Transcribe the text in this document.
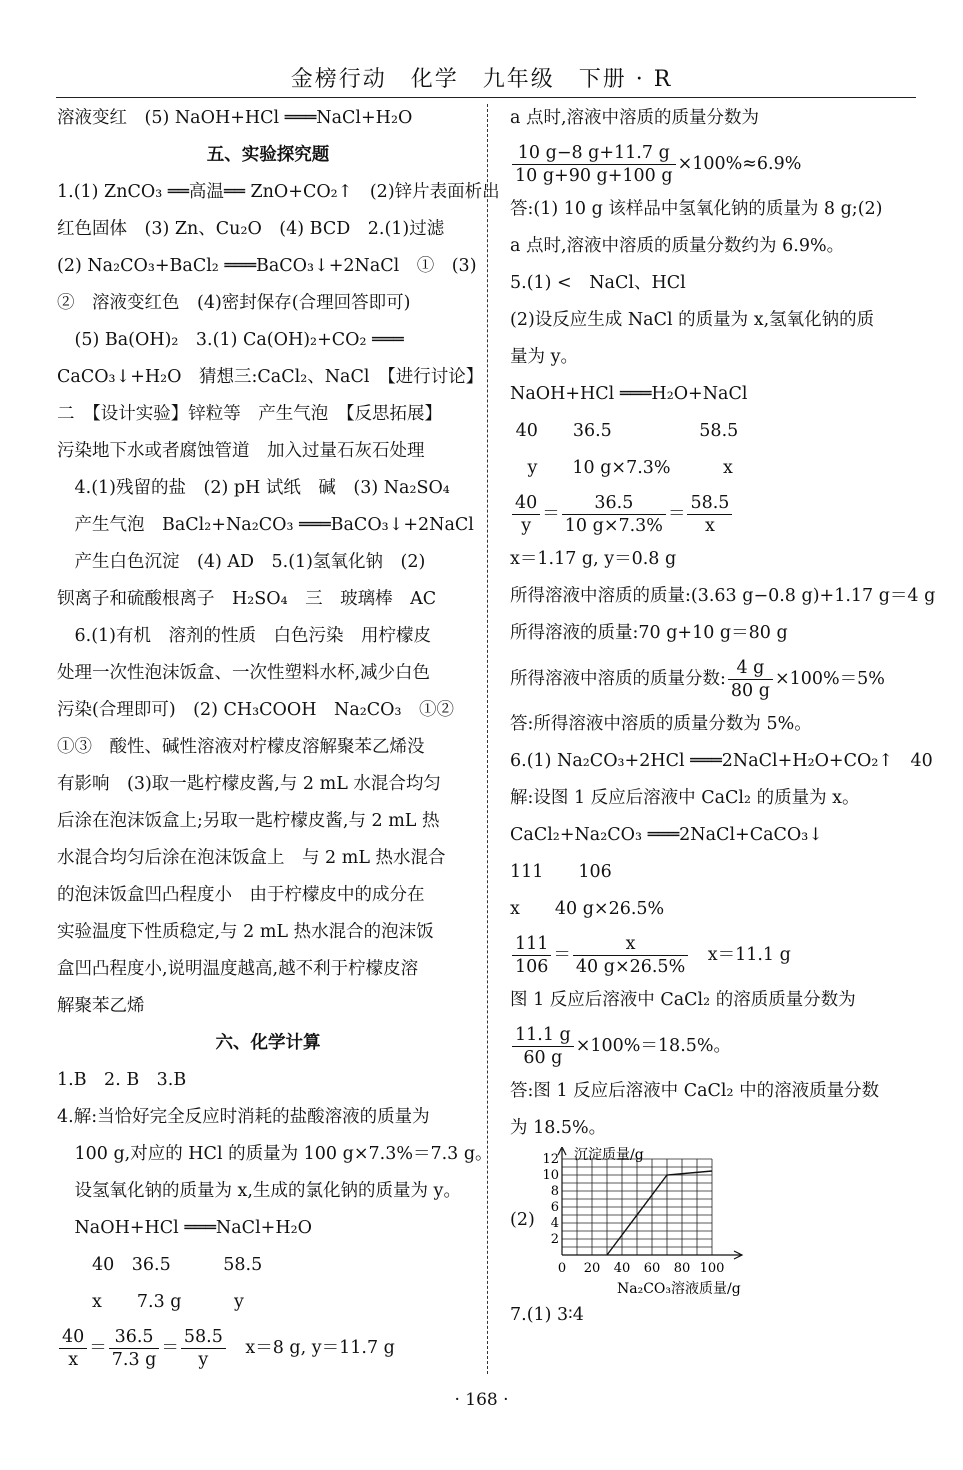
金榜行动　化学　九年级　下册 · R

溶液变红　(5) NaOH+HCl ═══NaCl+H₂O

五、实验探究题

1.(1) ZnCO₃ ══高温══ ZnO+CO₂↑　(2)锌片表面析出

红色固体　(3) Zn、Cu₂O　(4) BCD　2.(1)过滤

(2) Na₂CO₃+BaCl₂ ═══BaCO₃↓+2NaCl　①　(3)

②　溶液变红色　(4)密封保存(合理回答即可)

　(5) Ba(OH)₂　3.(1) Ca(OH)₂+CO₂ ═══

CaCO₃↓+H₂O　猜想三:CaCl₂、NaCl　【进行讨论】

二　【设计实验】锌粒等　产生气泡　【反思拓展】

污染地下水或者腐蚀管道　加入过量石灰石处理

　4.(1)残留的盐　(2) pH 试纸　碱　(3) Na₂SO₄

　产生气泡　BaCl₂+Na₂CO₃ ═══BaCO₃↓+2NaCl

　产生白色沉淀　(4) AD　5.(1)氢氧化钠　(2)

钡离子和硫酸根离子　H₂SO₄　三　玻璃棒　AC

　6.(1)有机　溶剂的性质　白色污染　用柠檬皮

处理一次性泡沫饭盒、一次性塑料水杯,减少白色

污染(合理即可)　(2) CH₃COOH　Na₂CO₃　①②

①③　酸性、碱性溶液对柠檬皮溶解聚苯乙烯没

有影响　(3)取一匙柠檬皮酱,与 2 mL 水混合均匀

后涂在泡沫饭盒上;另取一匙柠檬皮酱,与 2 mL 热

水混合均匀后涂在泡沫饭盒上　与 2 mL 热水混合

的泡沫饭盒凹凸程度小　由于柠檬皮中的成分在

实验温度下性质稳定,与 2 mL 热水混合的泡沫饭

盒凹凸程度小,说明温度越高,越不利于柠檬皮溶

解聚苯乙烯

六、化学计算

1.B　2. B　3.B

4.解:当恰好完全反应时消耗的盐酸溶液的质量为

　100 g,对应的 HCl 的质量为 100 g×7.3%＝7.3 g。

　设氢氧化钠的质量为 x,生成的氯化钠的质量为 y。

　NaOH+HCl ═══NaCl+H₂O

　　40　36.5　　　58.5

　　x　　7.3 g　　　y

$\frac{40}{x} = \frac{36.5}{7.3 g} = \frac{58.5}{y}$ 　x＝8 g, y＝11.7 g

a 点时,溶液中溶质的质量分数为

$\frac{10 g-8 g+11.7 g}{10 g+90 g+100 g} \times 100\%\approx 6.9\%$

答:(1) 10 g 该样品中氢氧化钠的质量为 8 g;(2)

a 点时,溶液中溶质的质量分数约为 6.9%。

5.(1) <　NaCl、HCl

(2)设反应生成 NaCl 的质量为 x,氢氧化钠的质

量为 y。

NaOH+HCl ═══H₂O+NaCl

40　　36.5　　　　　58.5

　y　　10 g×7.3%　　　x

$\frac{40}{y} = \frac{36.5}{10 g\times 7.3\%} = \frac{58.5}{x}$

x＝1.17 g, y＝0.8 g

所得溶液中溶质的质量:(3.63 g−0.8 g)+1.17 g＝4 g

所得溶液的质量:70 g+10 g＝80 g

所得溶液中溶质的质量分数: $\frac{4 g}{80 g} \times 100\%=5\%$

答:所得溶液中溶质的质量分数为 5%。

6.(1) Na₂CO₃+2HCl ═══2NaCl+H₂O+CO₂↑　40

解:设图 1 反应后溶液中 CaCl₂ 的质量为 x。

CaCl₂+Na₂CO₃ ═══2NaCl+CaCO₃↓

111　　106

x　　40 g×26.5%

$\frac{111}{106} = \frac{x}{40 g\times 26.5\%}$ 　x＝11.1 g

图 1 反应后溶液中 CaCl₂ 的溶质质量分数为

$\frac{11.1 g}{60 g} \times 100\%=18.5\%$。

答:图 1 反应后溶液中 CaCl₂ 中的溶液质量分数

为 18.5%。

(2)
2
4
6
8
10
12
0 20 40 60 80 100
沉淀质量/g
Na₂CO₃溶液质量/g

7.(1) 3∶4

· 168 ·
